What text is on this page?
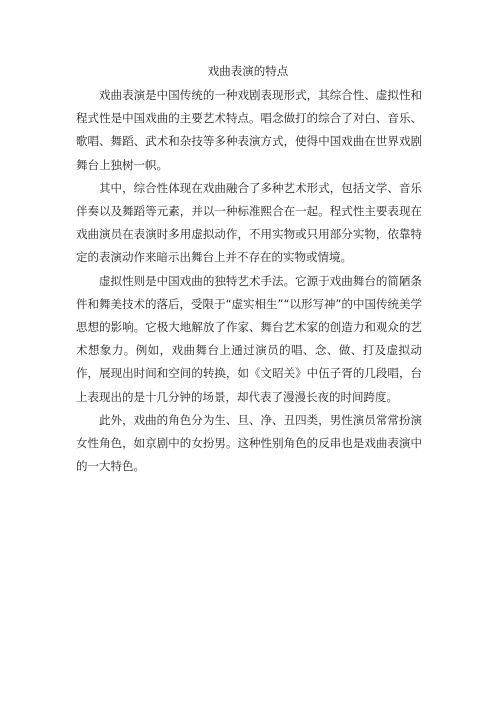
戏曲表演的特点

戏曲表演是中国传统的一种戏剧表现形式，其综合性、虚拟性和程式性是中国戏曲的主要艺术特点。唱念做打的综合了对白、音乐、歌唱、舞蹈、武术和杂技等多种表演方式，使得中国戏曲在世界戏剧舞台上独树一帜。

其中，综合性体现在戏曲融合了多种艺术形式，包括文学、音乐伴奏以及舞蹈等元素，并以一种标准熙合在一起。程式性主要表现在戏曲演员在表演时多用虚拟动作，不用实物或只用部分实物，依靠特定的表演动作来暗示出舞台上并不存在的实物或情境。

虚拟性则是中国戏曲的独特艺术手法。它源于戏曲舞台的简陋条件和舞美技术的落后，受限于“虚实相生”“以形写神”的中国传统美学思想的影响。它极大地解放了作家、舞台艺术家的创造力和观众的艺术想象力。例如，戏曲舞台上通过演员的唱、念、做、打及虚拟动作，展现出时间和空间的转换，如《文昭关》中伍子胥的几段唱，台上表现出的是十几分钟的场景，却代表了漫漫长夜的时间跨度。

此外，戏曲的角色分为生、旦、净、丑四类，男性演员常常扮演女性角色，如京剧中的女扮男。这种性别角色的反串也是戏曲表演中的一大特色。
